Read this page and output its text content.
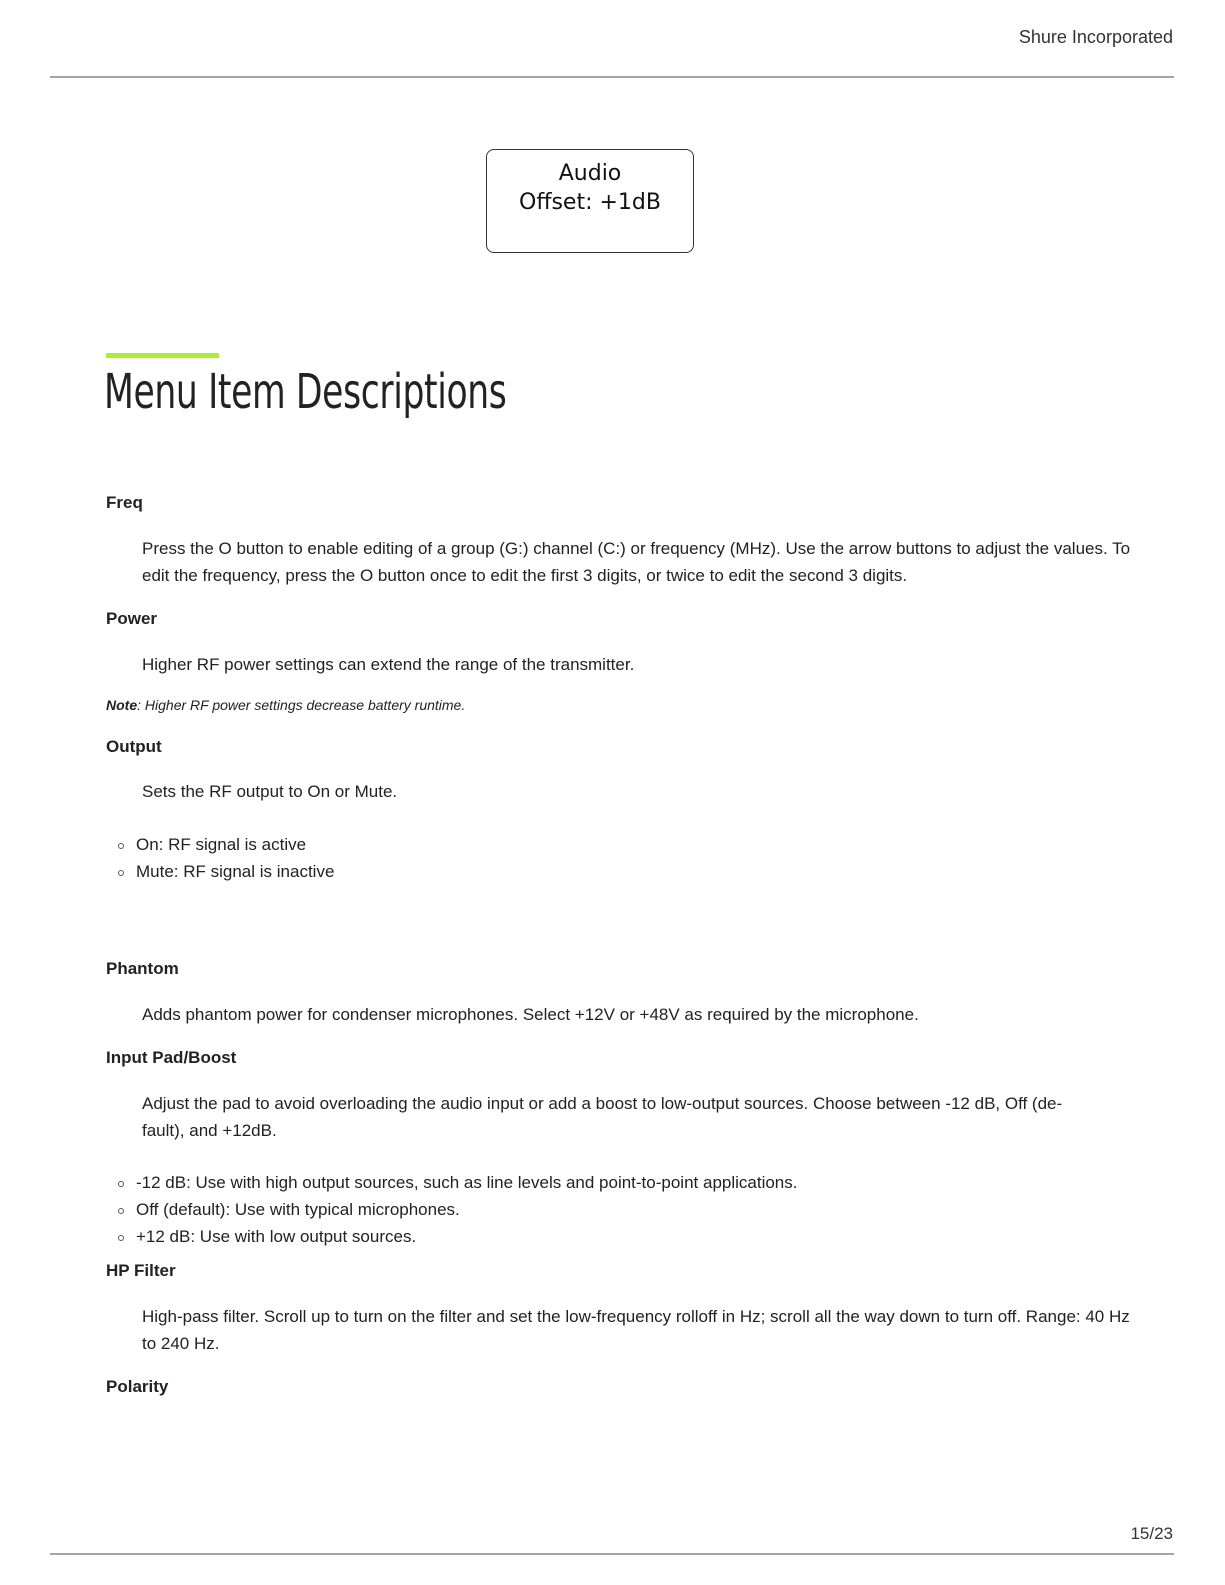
Shure Incorporated
Audio
Offset: +1dB
Menu Item Descriptions
Freq
Press the O button to enable editing of a group (G:) channel (C:) or frequency (MHz). Use the arrow buttons to adjust the values. To edit the frequency, press the O button once to edit the first 3 digits, or twice to edit the second 3 digits.
Power
Higher RF power settings can extend the range of the transmitter.
Note: Higher RF power settings decrease battery runtime.
Output
Sets the RF output to On or Mute.
On: RF signal is active
Mute: RF signal is inactive
Phantom
Adds phantom power for condenser microphones. Select +12V or +48V as required by the microphone.
Input Pad/Boost
Adjust the pad to avoid overloading the audio input or add a boost to low-output sources. Choose between -12 dB, Off (de-
fault), and +12dB.
-12 dB: Use with high output sources, such as line levels and point-to-point applications.
Off (default): Use with typical microphones.
+12 dB: Use with low output sources.
HP Filter
High-pass filter. Scroll up to turn on the filter and set the low-frequency rolloff in Hz; scroll all the way down to turn off. Range: 40 Hz to 240 Hz.
Polarity
15/23
